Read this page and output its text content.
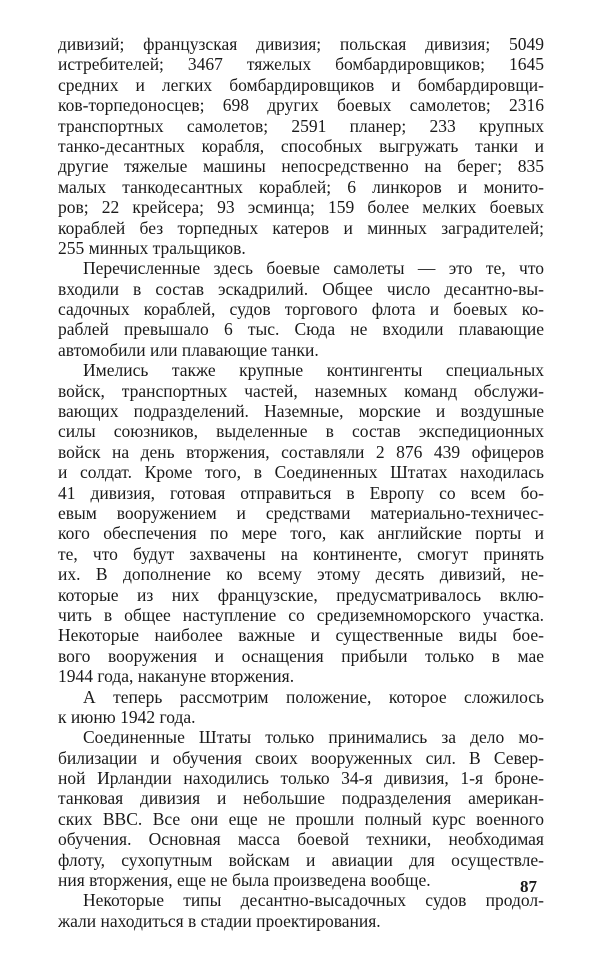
дивизий; французская дивизия; польская дивизия; 5049
истребителей; 3467 тяжелых бомбардировщиков; 1645
средних и легких бомбардировщиков и бомбардировщи-
ков-торпедоносцев; 698 других боевых самолетов; 2316
транспортных самолетов; 2591 планер; 233 крупных
танко-десантных корабля, способных выгружать танки и
другие тяжелые машины непосредственно на берег; 835
малых танкодесантных кораблей; 6 линкоров и монито-
ров; 22 крейсера; 93 эсминца; 159 более мелких боевых
кораблей без торпедных катеров и минных заградителей;
255 минных тральщиков.
Перечисленные здесь боевые самолеты — это те, что
входили в состав эскадрилий. Общее число десантно-вы-
садочных кораблей, судов торгового флота и боевых ко-
раблей превышало 6 тыс. Сюда не входили плавающие
автомобили или плавающие танки.
Имелись также крупные контингенты специальных
войск, транспортных частей, наземных команд обслужи-
вающих подразделений. Наземные, морские и воздушные
силы союзников, выделенные в состав экспедиционных
войск на день вторжения, составляли 2 876 439 офицеров
и солдат. Кроме того, в Соединенных Штатах находилась
41 дивизия, готовая отправиться в Европу со всем бо-
евым вооружением и средствами материально-техничес-
кого обеспечения по мере того, как английские порты и
те, что будут захвачены на континенте, смогут принять
их. В дополнение ко всему этому десять дивизий, не-
которые из них французские, предусматривалось вклю-
чить в общее наступление со средиземноморского участка.
Некоторые наиболее важные и существенные виды бое-
вого вооружения и оснащения прибыли только в мае
1944 года, накануне вторжения.
А теперь рассмотрим положение, которое сложилось
к июню 1942 года.
Соединенные Штаты только принимались за дело мо-
билизации и обучения своих вооруженных сил. В Север-
ной Ирландии находились только 34-я дивизия, 1-я броне-
танковая дивизия и небольшие подразделения американ-
ских ВВС. Все они еще не прошли полный курс военного
обучения. Основная масса боевой техники, необходимая
флоту, сухопутным войскам и авиации для осуществле-
ния вторжения, еще не была произведена вообще.
Некоторые типы десантно-высадочных судов продол-
жали находиться в стадии проектирования.
87
